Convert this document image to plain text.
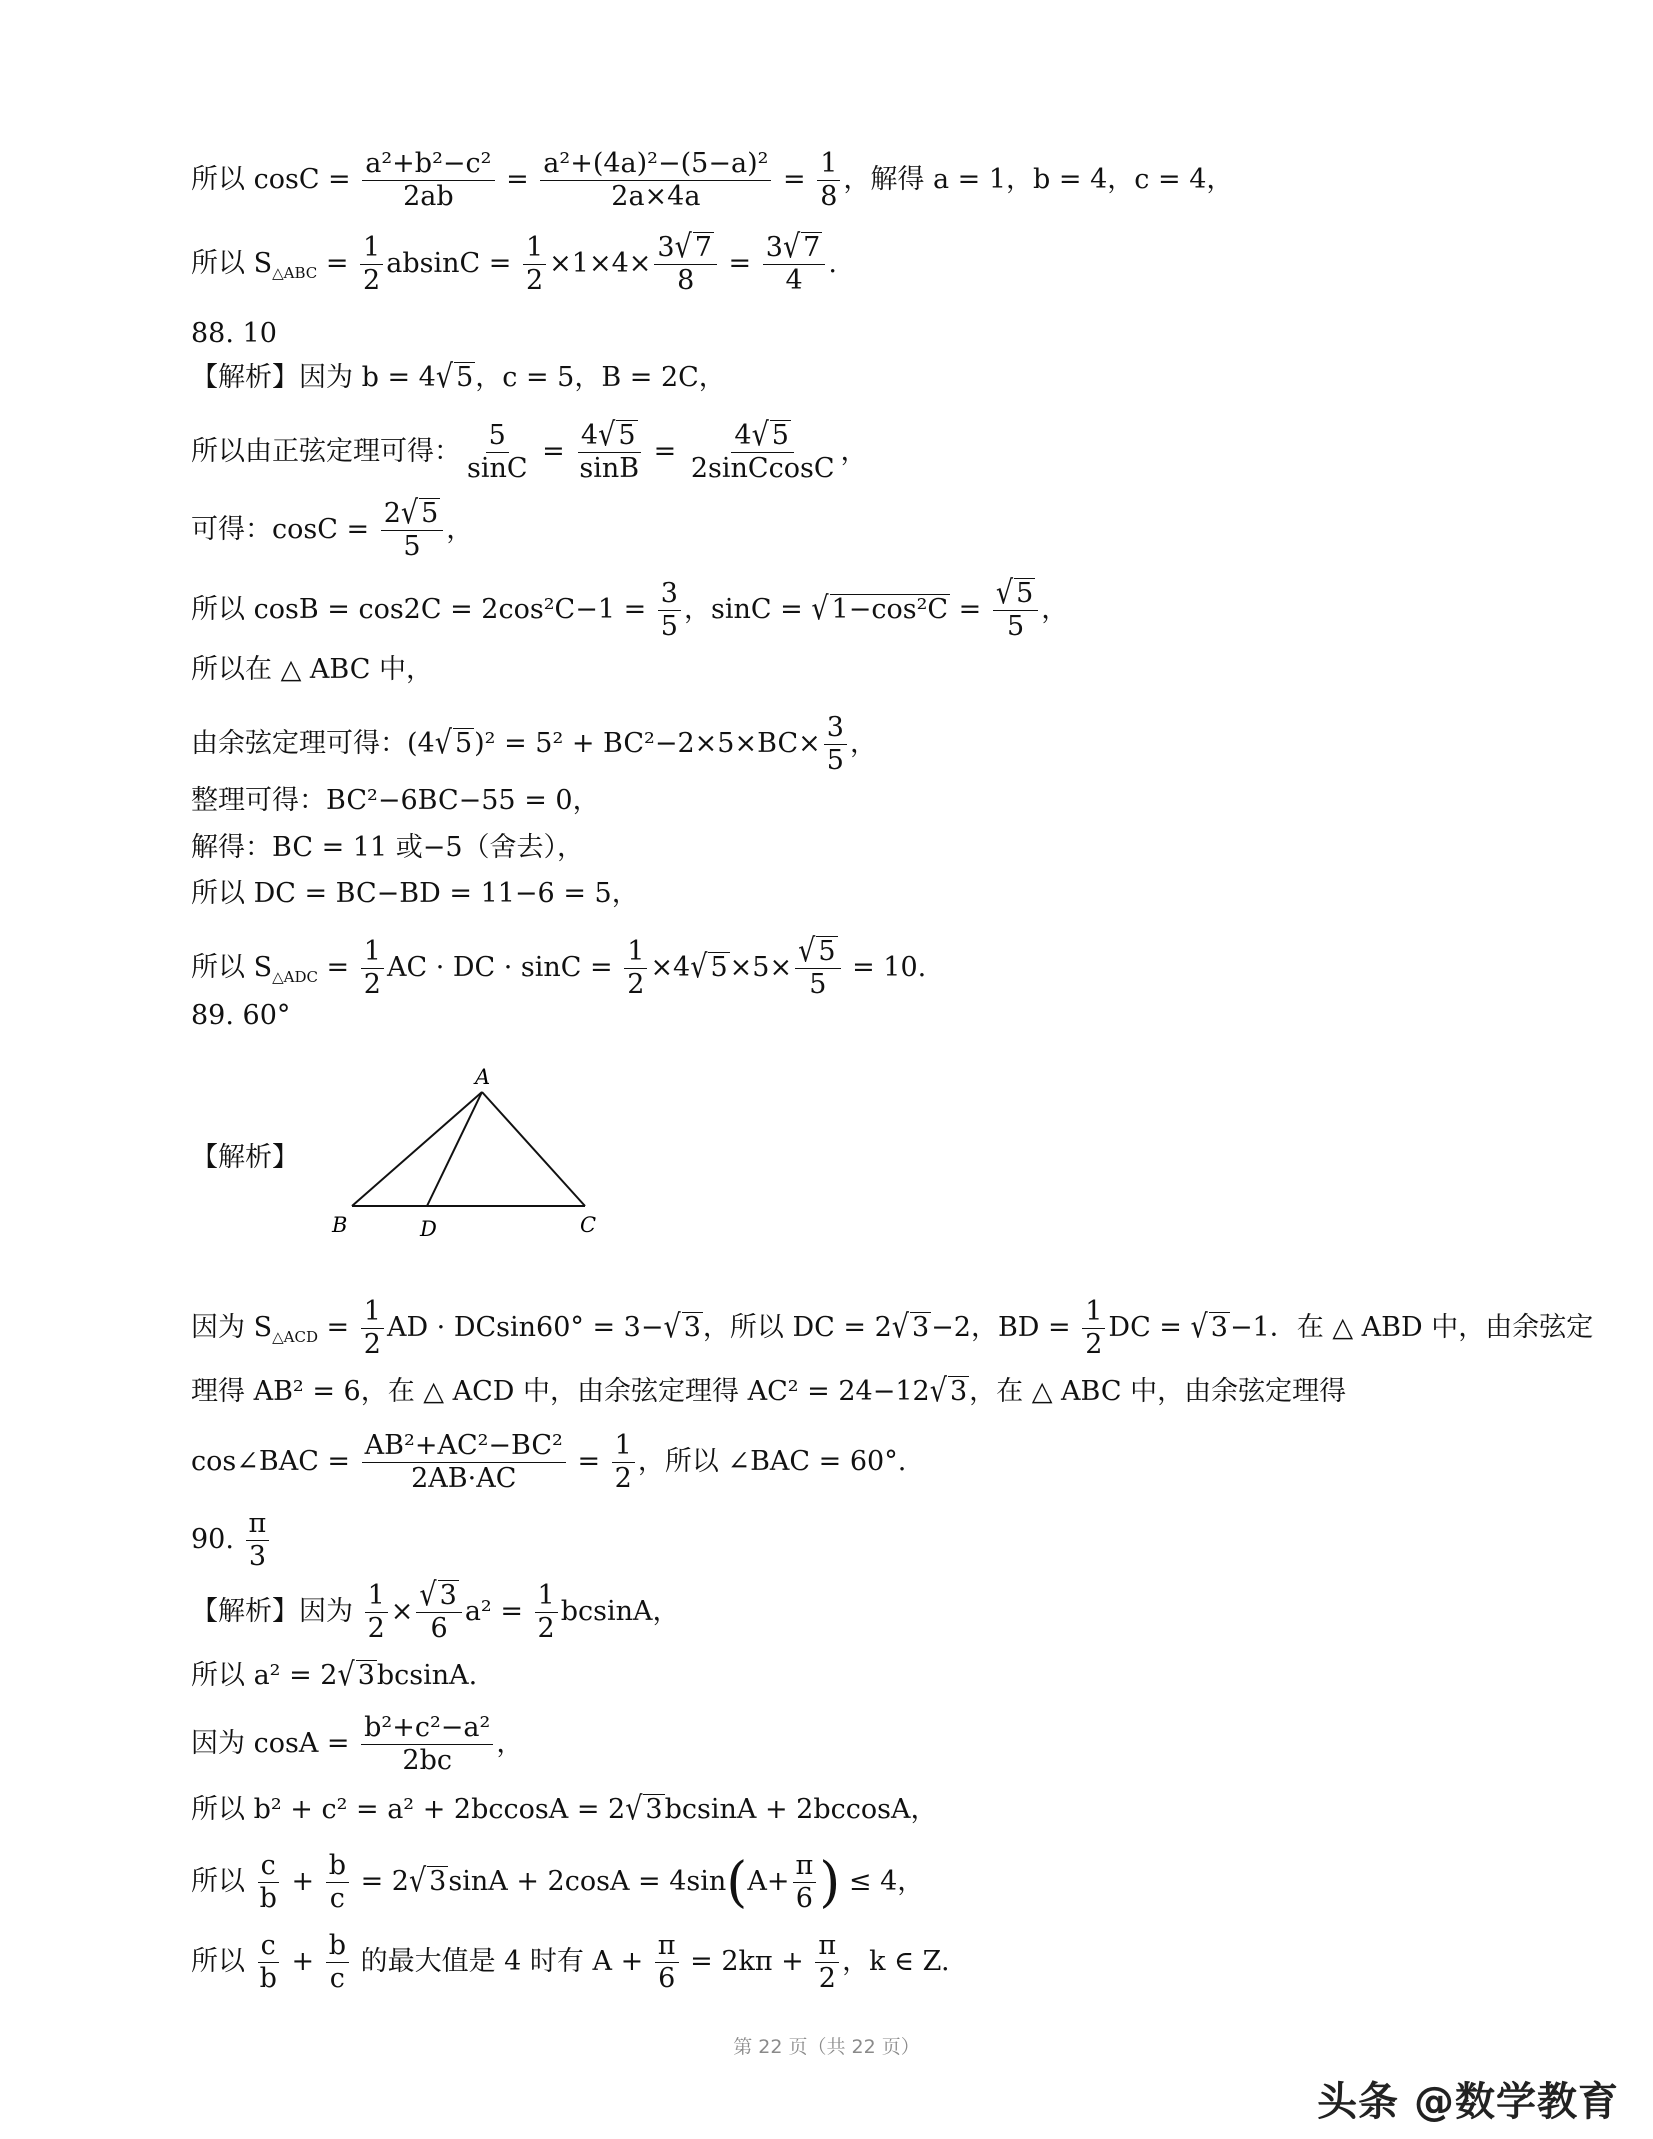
所以 $\cos C = \frac{\text{a²+b²−c²}}{2ab} = \frac{\text{a²+(4a)²−(5−a)²}}{2a\times 4a} = \frac{1}{8}$ ，解得 a = 1，b = 4，c = 4，
所以 $S_{\triangle ABC} = \frac{1}{2}$ $absinC = \frac{1}{2} \times 1\times 4\times \frac{3√ 7}{8} = \frac{3√ 7}{4}$ .
88. 10
【解析】因为 b = 4√ 5，c = 5，B = 2C，
所以由正弦定理可得： $\frac{5}{\sin C} = \frac{4√ 5}{\sin B} = \frac{4√ 5}{\text{2sinCcosC}}$ ，
可得：$\cos C = \frac{2√ 5}{5}$ ，
所以 $\cos B = \cos 2C = 2\cos^2C-1 = \frac{3}{5}$ ，sinC = √ $1-\cos^2C = \frac{√ 5}{5}$ ，
所以在 △ ABC 中，
由余弦定理可得：(4√ $5)^2 = 5^2 + BC^2-2\times 5\times BC\times \frac{3}{5}$ ，
整理可得：BC²−6BC−55 = 0，
解得：BC = 11 或−5（舍去），
所以 DC = BC−BD = 11−6 = 5，
所以 $S_{\triangle ADC} = \frac{1}{2}$ AC · DC · $\sin C = \frac{1}{2} \times 4√$ $5\times 5\times \frac{√ 5}{5} = 10$.
89. 60°
【解析】
A
B	D	C
因为 $S_{\triangle ACD} = \frac{1}{2}$ AD · DCsin60° = 3−√ 3，所以 DC = 2√ 3−2，BD = $\frac{1}{2}$ DC = √ 3−1．在 △ ABD 中，由余弦定
理得 AB² = 6，在 △ ACD 中，由余弦定理得 AC² = 24−12√ 3，在 △ ABC 中，由余弦定理得
cos∠BAC = $\frac{\text{AB²+AC²−BC²}}{2AB\cdot AC} = \frac{1}{2}$ ，所以 ∠BAC = 60°.
90. $\frac{\pi}{3}$
【解析】因为 $\frac{1}{2} \times \frac{√ 3}{6} a^2 = \frac{1}{2}$ bcsinA，
所以 a² = 2√ 3bcsinA.
因为 $\cos A = \frac{\text{b²+c²−a²}}{2bc}$ ，
所以 b² + c² = a² + 2bccosA = 2√ 3bcsinA + 2bccosA，
所以 $\frac{c}{b} + \frac{b}{c} = 2√$ $3\sin A + 2\cos A = 4\sin(A+ \frac{\pi}{6}$ ) ≤ 4，
所以 $\frac{c}{b} + \frac{b}{c}$ 的最大值是 4 时有 $A + \frac{\pi}{6} = 2k\pi + \frac{\pi}{2}$ ，k ∈ Z.
第 22 页（共 22 页）
头条 @数学教育
